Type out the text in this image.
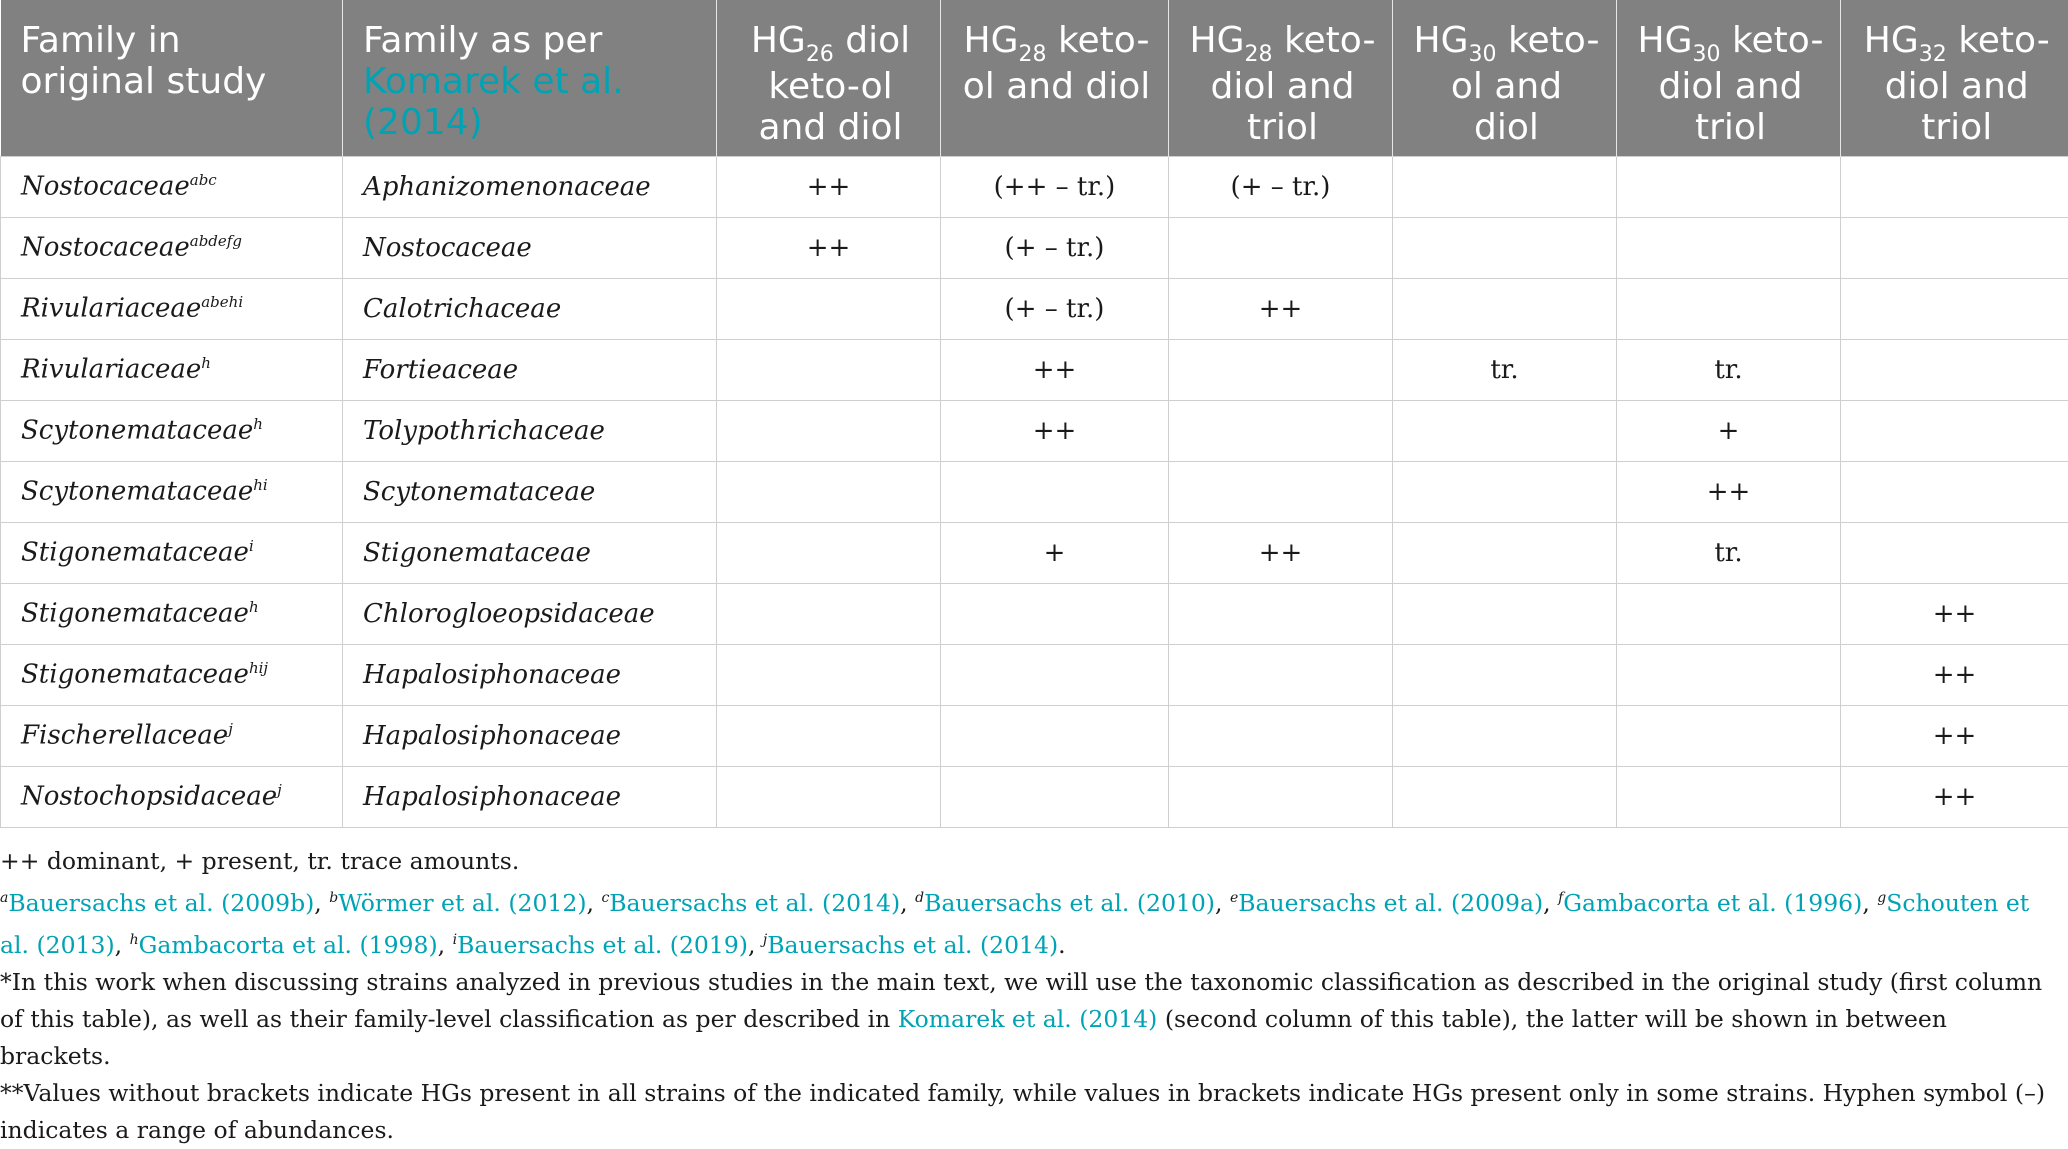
Family in original study	Family as per Komarek et al. (2014)	$HG_{26}$ diol keto-ol and diol	$HG_{28}$ keto-ol and diol	$HG_{28}$ keto-diol and triol	$HG_{30}$ keto-ol and diol	$HG_{30}$ keto-diol and triol	$HG_{32}$ keto-diol and triol
Nostocaceae$^{abc}$	Aphanizomenonaceae	++	(++ – tr.)	(+ – tr.)			
Nostocaceae$^{abdefg}$	Nostocaceae	++	(+ – tr.)				
Rivulariaceae$^{abehi}$	Calotrichaceae		(+ – tr.)	++			
Rivulariaceae$^h$	Fortieaceae		++		tr.	tr.	
Scytonemataceae$^h$	Tolypothrichaceae		++			+	
Scytonemataceae$^{hi}$	Scytonemataceae					++	
Stigonemataceae$^i$	Stigonemataceae		+	++		tr.	
Stigonemataceae$^h$	Chlorogloeopsidaceae						++
Stigonemataceae$^{hij}$	Hapalosiphonaceae						++
Fischerellaceae$^j$	Hapalosiphonaceae						++
Nostochopsidaceae$^j$	Hapalosiphonaceae						++

++ dominant, + present, tr. trace amounts.

$^a$Bauersachs et al. (2009b), $^b$Wörmer et al. (2012), $^c$Bauersachs et al. (2014), $^d$Bauersachs et al. (2010), $^e$Bauersachs et al. (2009a), $^f$Gambacorta et al. (1996), $^g$Schouten et al. (2013), $^h$Gambacorta et al. (1998), $^i$Bauersachs et al. (2019), $^j$Bauersachs et al. (2014).

*In this work when discussing strains analyzed in previous studies in the main text, we will use the taxonomic classification as described in the original study (first column of this table), as well as their family-level classification as per described in Komarek et al. (2014) (second column of this table), the latter will be shown in between brackets.

**Values without brackets indicate HGs present in all strains of the indicated family, while values in brackets indicate HGs present only in some strains. Hyphen symbol (–) indicates a range of abundances.
